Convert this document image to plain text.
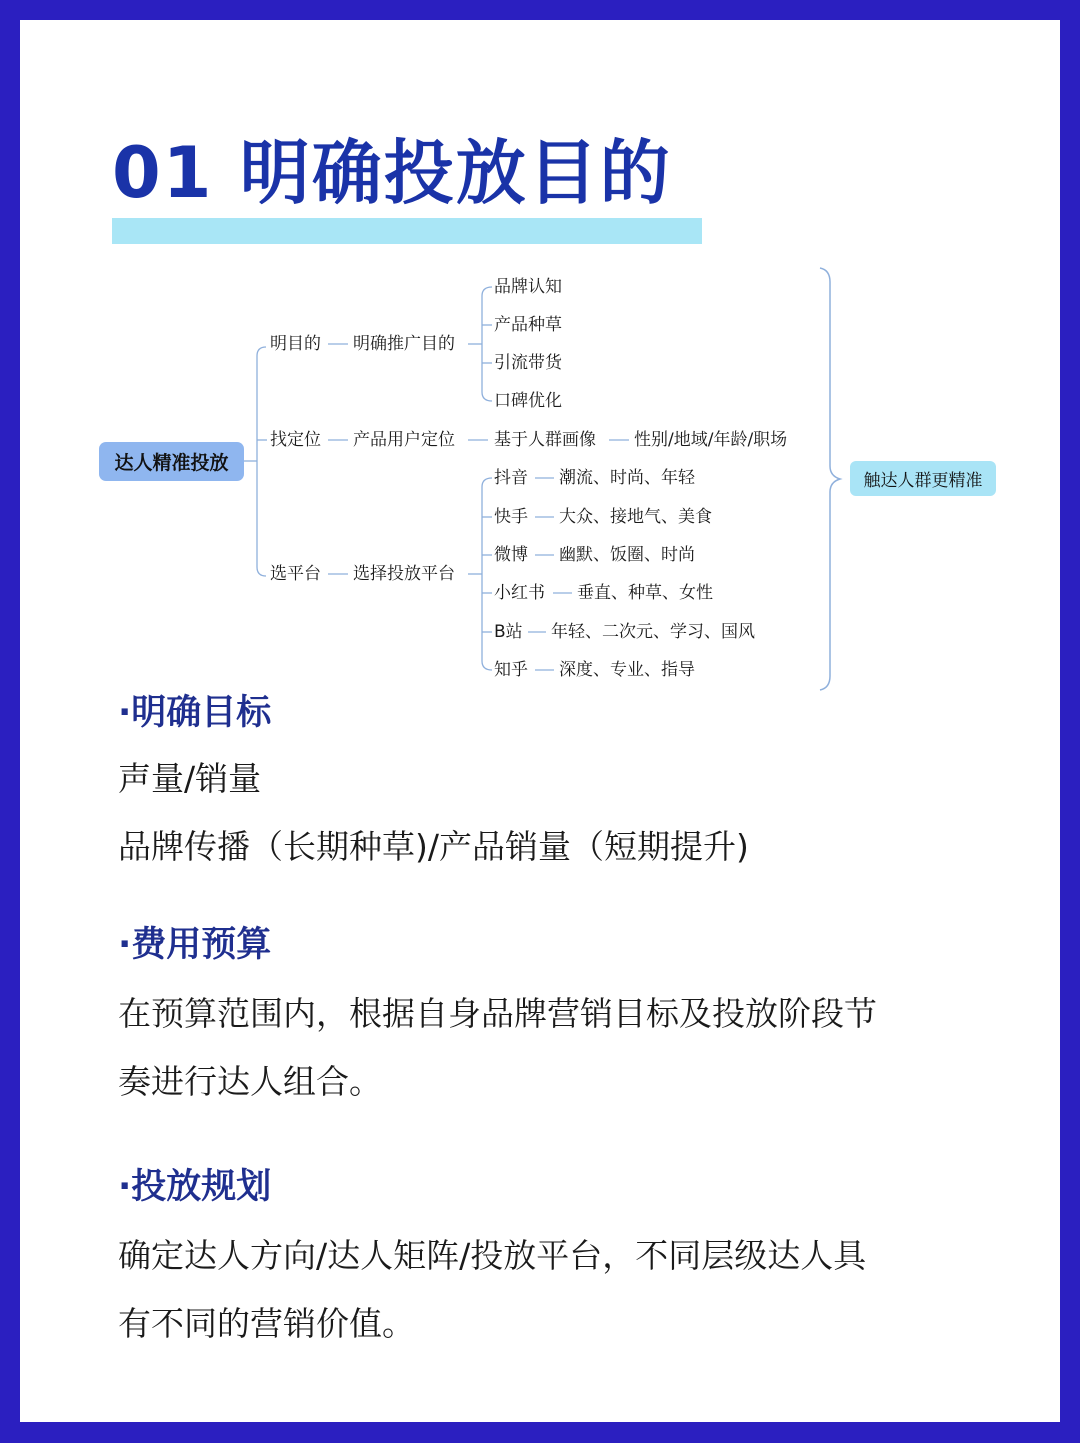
01 明确投放目的
达人精准投放
明目的
找定位
选平台
明确推广目的
产品用户定位
选择投放平台
品牌认知
产品种草
引流带货
口碑优化
基于人群画像 性别/地域/年龄/职场
抖音 潮流、时尚、年轻
快手 大众、接地气、美食
微博 幽默、饭圈、时尚
小红书 垂直、种草、女性
B站 年轻、二次元、学习、国风
知乎 深度、专业、指导
触达人群更精准
·明确目标

声量/销量

品牌传播（长期种草)/产品销量（短期提升)

·费用预算

在预算范围内，根据自身品牌营销目标及投放阶段节

奏进行达人组合。

·投放规划

确定达人方向/达人矩阵/投放平台，不同层级达人具

有不同的营销价值。
